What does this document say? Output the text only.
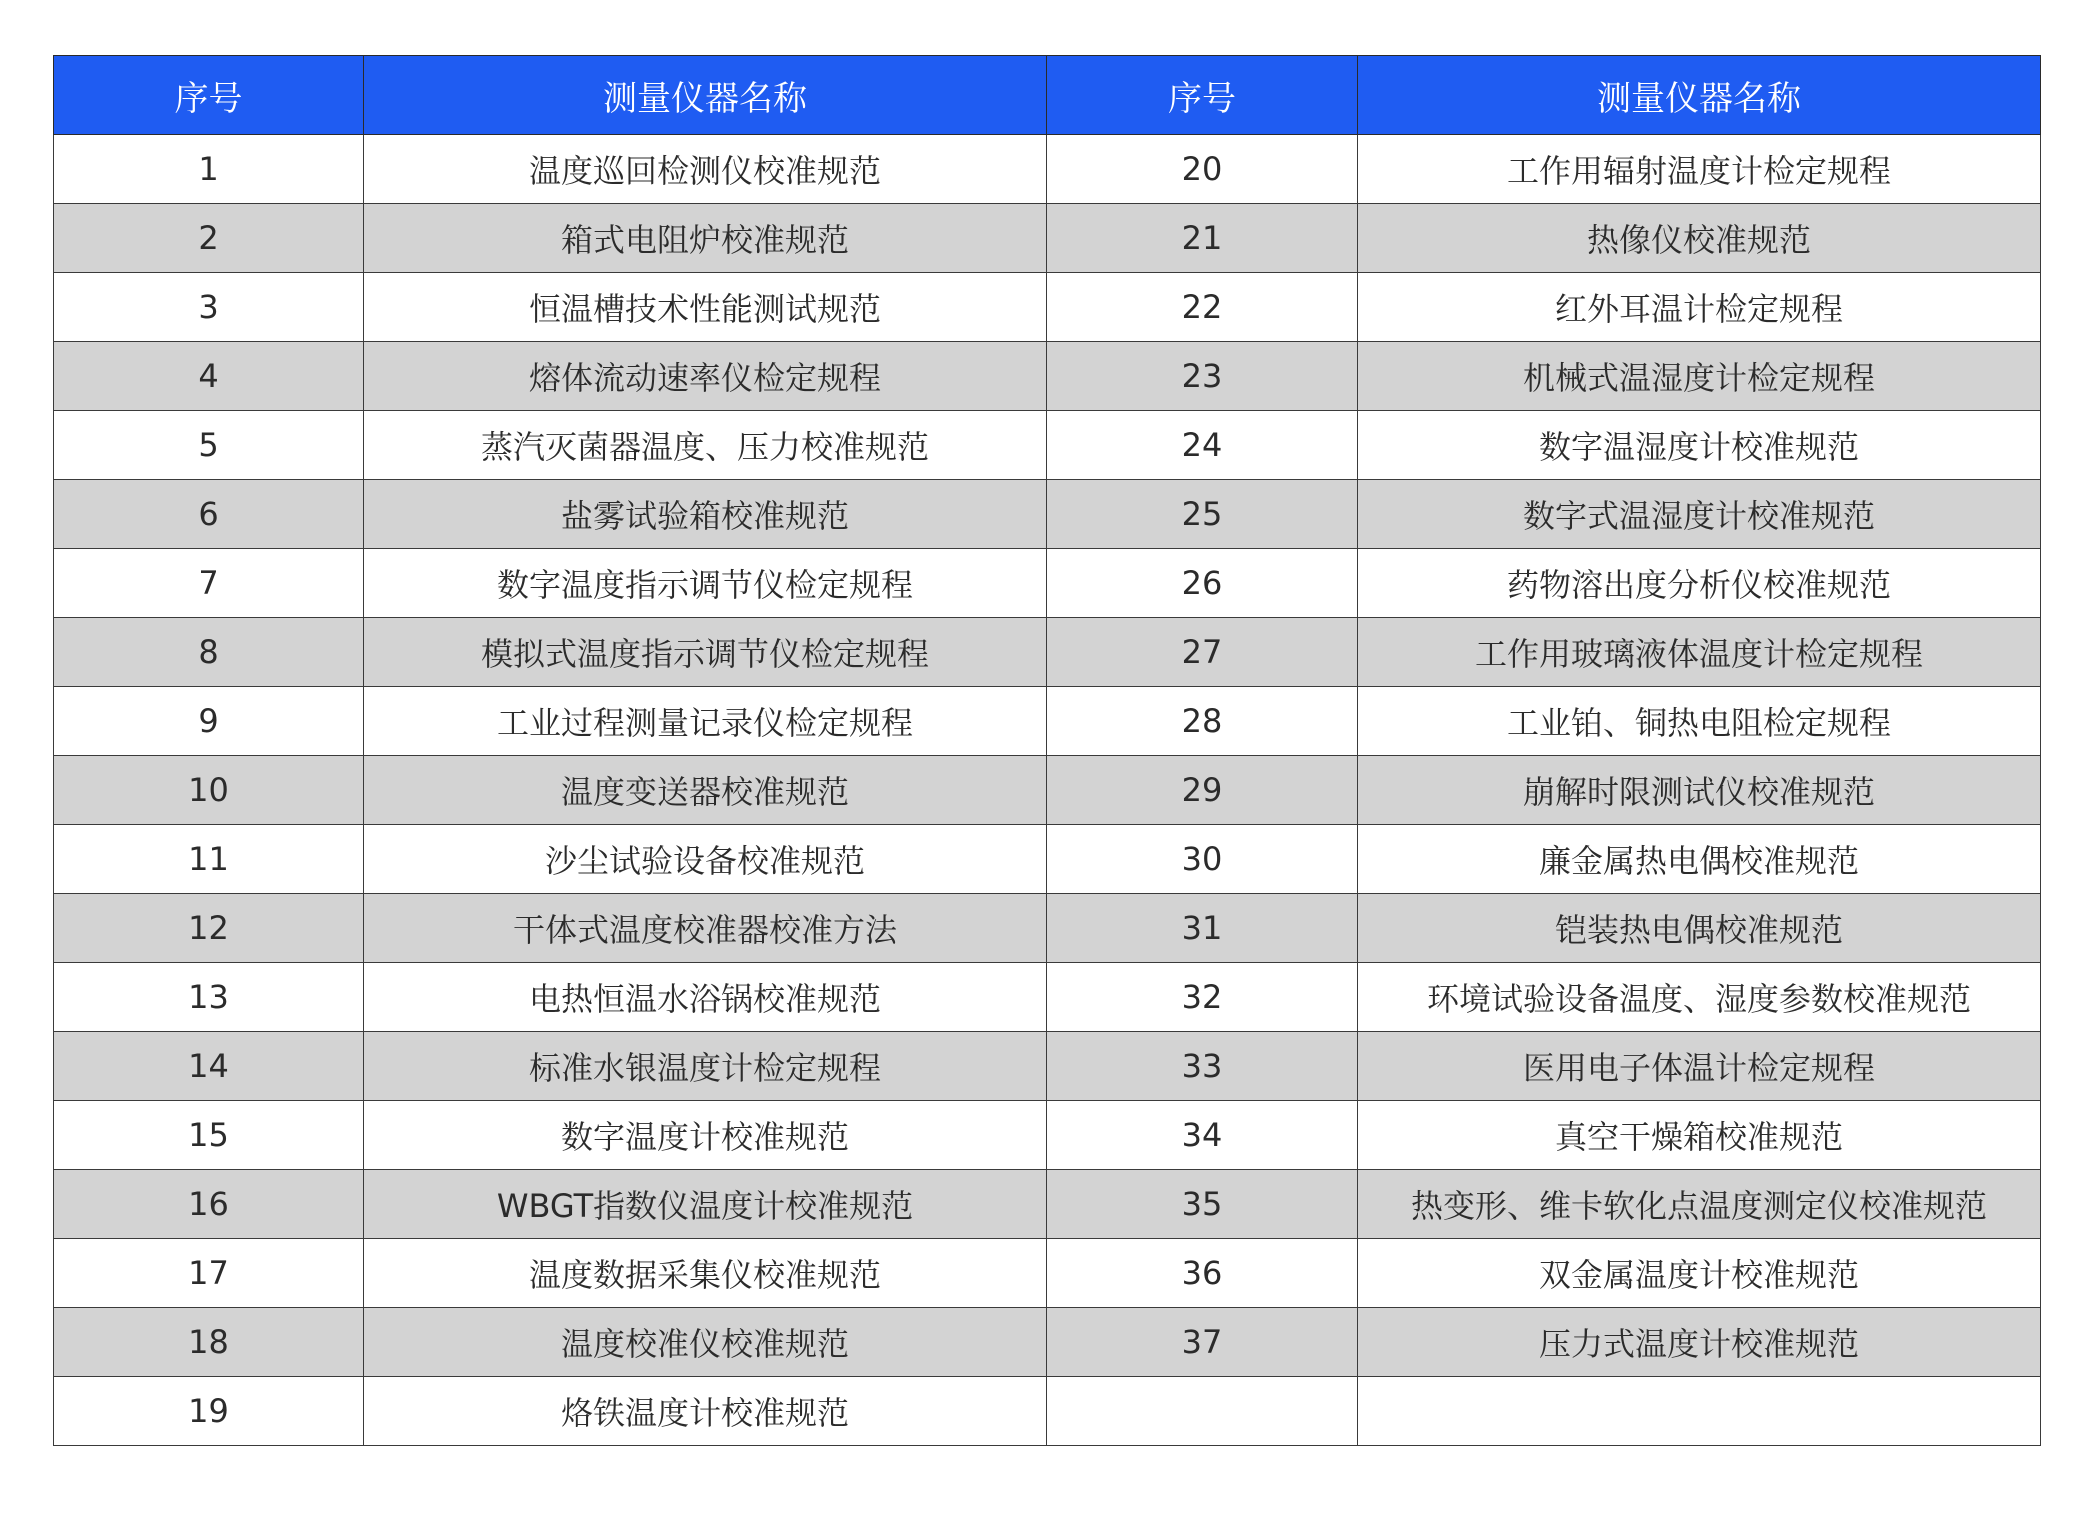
序号	测量仪器名称	序号	测量仪器名称
1	温度巡回检测仪校准规范	20	工作用辐射温度计检定规程
2	箱式电阻炉校准规范	21	热像仪校准规范
3	恒温槽技术性能测试规范	22	红外耳温计检定规程
4	熔体流动速率仪检定规程	23	机械式温湿度计检定规程
5	蒸汽灭菌器温度、压力校准规范	24	数字温湿度计校准规范
6	盐雾试验箱校准规范	25	数字式温湿度计校准规范
7	数字温度指示调节仪检定规程	26	药物溶出度分析仪校准规范
8	模拟式温度指示调节仪检定规程	27	工作用玻璃液体温度计检定规程
9	工业过程测量记录仪检定规程	28	工业铂、铜热电阻检定规程
10	温度变送器校准规范	29	崩解时限测试仪校准规范
11	沙尘试验设备校准规范	30	廉金属热电偶校准规范
12	干体式温度校准器校准方法	31	铠装热电偶校准规范
13	电热恒温水浴锅校准规范	32	环境试验设备温度、湿度参数校准规范
14	标准水银温度计检定规程	33	医用电子体温计检定规程
15	数字温度计校准规范	34	真空干燥箱校准规范
16	WBGT指数仪温度计校准规范	35	热变形、维卡软化点温度测定仪校准规范
17	温度数据采集仪校准规范	36	双金属温度计校准规范
18	温度校准仪校准规范	37	压力式温度计校准规范
19	烙铁温度计校准规范		
